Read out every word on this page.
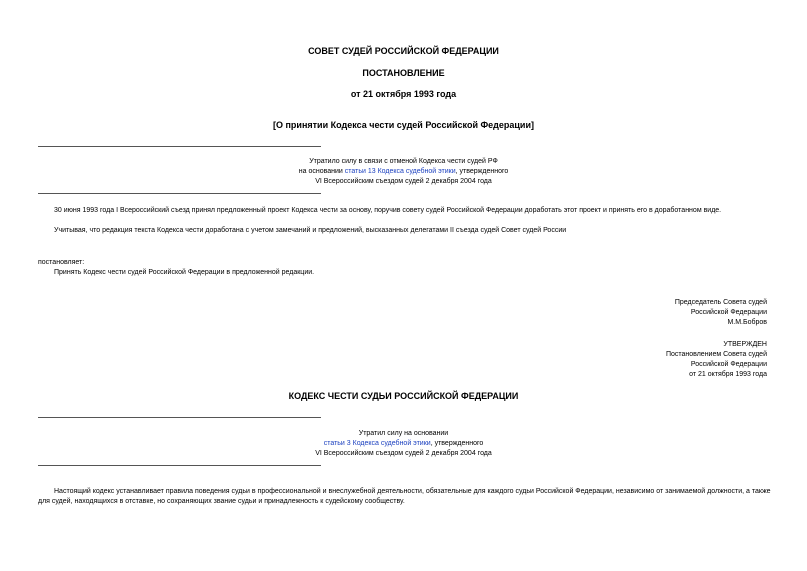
СОВЕТ СУДЕЙ РОССИЙСКОЙ ФЕДЕРАЦИИ
ПОСТАНОВЛЕНИЕ
от 21 октября 1993 года
[О принятии Кодекса чести судей Российской Федерации]
Утратило силу в связи с отменой Кодекса чести судей РФ
на основании статьи 13 Кодекса судебной этики, утвержденного
VI Всероссийским съездом судей 2 декабря 2004 года
30 июня 1993 года I Всероссийский съезд принял предложенный проект Кодекса чести за основу, поручив совету судей Российской Федерации доработать этот проект и принять его в доработанном виде.
Учитывая, что редакция текста Кодекса чести доработана с учетом замечаний и предложений, высказанных делегатами II съезда судей Совет судей России
постановляет:
Принять Кодекс чести судей Российской Федерации в предложенной редакции.
Председатель Совета судей
Российской Федерации
М.М.Бобров
УТВЕРЖДЕН
Постановлением Совета судей
Российской Федерации
от 21 октября 1993 года
КОДЕКС ЧЕСТИ СУДЬИ РОССИЙСКОЙ ФЕДЕРАЦИИ
Утратил силу на основании
статьи 3 Кодекса судебной этики, утвержденного
VI Всероссийским съездом судей 2 декабря 2004 года
Настоящий кодекс устанавливает правила поведения судьи в профессиональной и внеслужебной деятельности, обязательные для каждого судьи Российской Федерации, независимо от занимаемой должности, а также для судей, находящихся в отставке, но сохраняющих звание судьи и принадлежность к судейскому сообществу.
